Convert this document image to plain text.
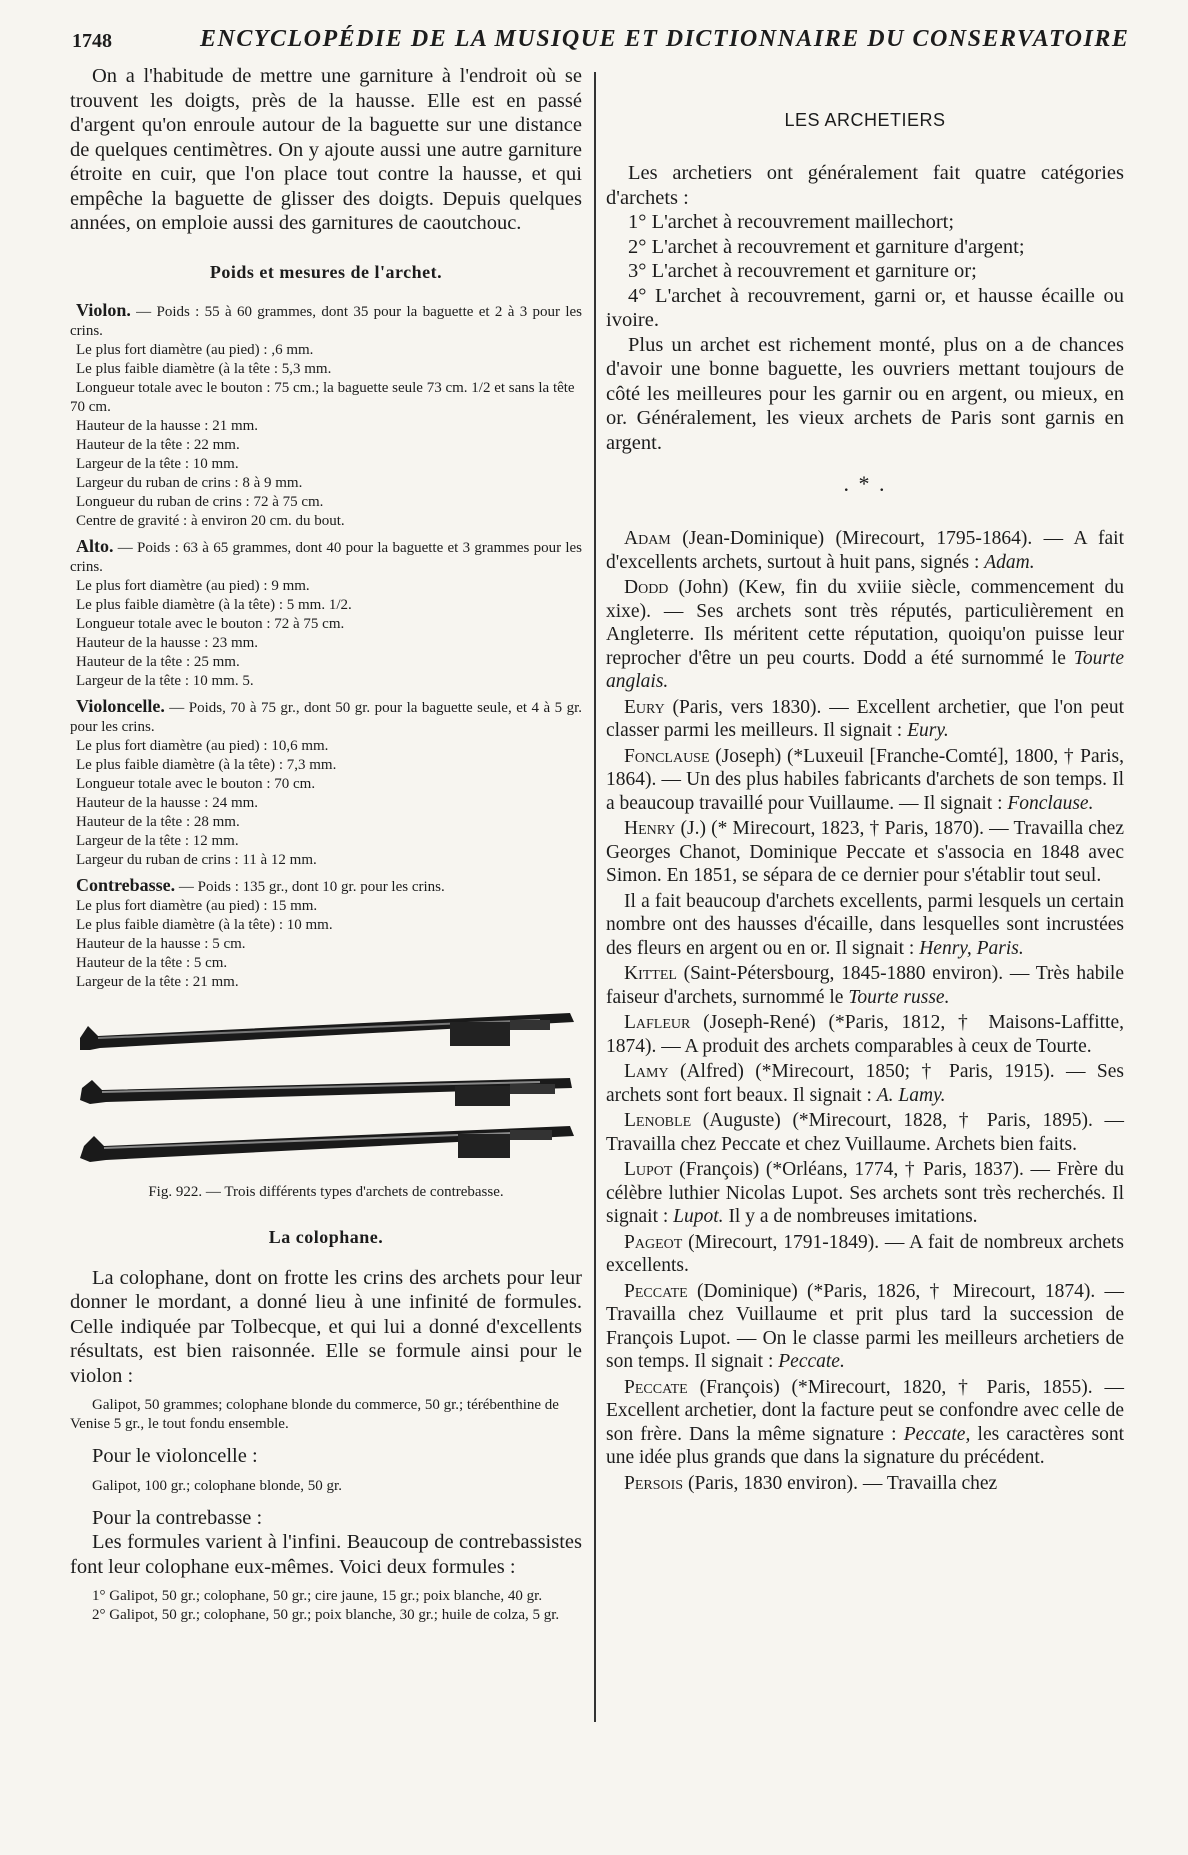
1748	ENCYCLOPÉDIE DE LA MUSIQUE ET DICTIONNAIRE DU CONSERVATOIRE

On a l'habitude de mettre une garniture à l'endroit où se trouvent les doigts, près de la hausse. Elle est en passé d'argent qu'on enroule autour de la baguette sur une distance de quelques centimètres. On y ajoute aussi une autre garniture étroite en cuir, que l'on place tout contre la hausse, et qui empêche la baguette de glisser des doigts. Depuis quelques années, on emploie aussi des garnitures de caoutchouc.

Poids et mesures de l'archet.
Violon. — Poids : 55 à 60 grammes, dont 35 pour la baguette et 2 à 3 pour les crins.
Le plus fort diamètre (au pied) : ,6 mm.
Le plus faible diamètre (à la tête : 5,3 mm.
Longueur totale avec le bouton : 75 cm.; la baguette seule 73 cm. 1/2 et sans la tête 70 cm.
Hauteur de la hausse : 21 mm.
Hauteur de la tête : 22 mm.
Largeur de la tête : 10 mm.
Largeur du ruban de crins : 8 à 9 mm.
Longueur du ruban de crins : 72 à 75 cm.
Centre de gravité : à environ 20 cm. du bout.
Alto. — Poids : 63 à 65 grammes, dont 40 pour la baguette et 3 grammes pour les crins.
Le plus fort diamètre (au pied) : 9 mm.
Le plus faible diamètre (à la tête) : 5 mm. 1/2.
Longueur totale avec le bouton : 72 à 75 cm.
Hauteur de la hausse : 23 mm.
Hauteur de la tête : 25 mm.
Largeur de la tête : 10 mm. 5.
Violoncelle. — Poids, 70 à 75 gr., dont 50 gr. pour la baguette seule, et 4 à 5 gr. pour les crins.
Le plus fort diamètre (au pied) : 10,6 mm.
Le plus faible diamètre (à la tête) : 7,3 mm.
Longueur totale avec le bouton : 70 cm.
Hauteur de la hausse : 24 mm.
Hauteur de la tête : 28 mm.
Largeur de la tête : 12 mm.
Largeur du ruban de crins : 11 à 12 mm.
Contrebasse. — Poids : 135 gr., dont 10 gr. pour les crins.
Le plus fort diamètre (au pied) : 15 mm.
Le plus faible diamètre (à la tête) : 10 mm.
Hauteur de la hausse : 5 cm.
Hauteur de la tête : 5 cm.
Largeur de la tête : 21 mm.
Fig. 922. — Trois différents types d'archets de contrebasse.
La colophane.

La colophane, dont on frotte les crins des archets pour leur donner le mordant, a donné lieu à une infinité de formules. Celle indiquée par Tolbecque, et qui lui a donné d'excellents résultats, est bien raisonnée. Elle se formule ainsi pour le violon :

Galipot, 50 grammes; colophane blonde du commerce, 50 gr.; térébenthine de Venise 5 gr., le tout fondu ensemble.

Pour le violoncelle :

Galipot, 100 gr.; colophane blonde, 50 gr.

Pour la contrebasse :

Les formules varient à l'infini. Beaucoup de contrebassistes font leur colophane eux-mêmes. Voici deux formules :

1° Galipot, 50 gr.; colophane, 50 gr.; cire jaune, 15 gr.; poix blanche, 40 gr.
2° Galipot, 50 gr.; colophane, 50 gr.; poix blanche, 30 gr.; huile de colza, 5 gr.
LES ARCHETIERS

Les archetiers ont généralement fait quatre catégories d'archets :

1° L'archet à recouvrement maillechort;

2° L'archet à recouvrement et garniture d'argent;

3° L'archet à recouvrement et garniture or;

4° L'archet à recouvrement, garni or, et hausse écaille ou ivoire.

Plus un archet est richement monté, plus on a de chances d'avoir une bonne baguette, les ouvriers mettant toujours de côté les meilleures pour les garnir ou en argent, ou mieux, en or. Généralement, les vieux archets de Paris sont garnis en argent.

. * .

Adam (Jean-Dominique) (Mirecourt, 1795-1864). — A fait d'excellents archets, surtout à huit pans, signés : Adam.

Dodd (John) (Kew, fin du xviiie siècle, commencement du xixe). — Ses archets sont très réputés, particulièrement en Angleterre. Ils méritent cette réputation, quoiqu'on puisse leur reprocher d'être un peu courts. Dodd a été surnommé le Tourte anglais.

Eury (Paris, vers 1830). — Excellent archetier, que l'on peut classer parmi les meilleurs. Il signait : Eury.

Fonclause (Joseph) (*Luxeuil [Franche-Comté], 1800, † Paris, 1864). — Un des plus habiles fabricants d'archets de son temps. Il a beaucoup travaillé pour Vuillaume. — Il signait : Fonclause.

Henry (J.) (* Mirecourt, 1823, † Paris, 1870). — Travailla chez Georges Chanot, Dominique Peccate et s'associa en 1848 avec Simon. En 1851, se sépara de ce dernier pour s'établir tout seul.

Il a fait beaucoup d'archets excellents, parmi lesquels un certain nombre ont des hausses d'écaille, dans lesquelles sont incrustées des fleurs en argent ou en or. Il signait : Henry, Paris.

Kittel (Saint-Pétersbourg, 1845-1880 environ). — Très habile faiseur d'archets, surnommé le Tourte russe.

Lafleur (Joseph-René) (*Paris, 1812, † Maisons-Laffitte, 1874). — A produit des archets comparables à ceux de Tourte.

Lamy (Alfred) (*Mirecourt, 1850; † Paris, 1915). — Ses archets sont fort beaux. Il signait : A. Lamy.

Lenoble (Auguste) (*Mirecourt, 1828, † Paris, 1895). — Travailla chez Peccate et chez Vuillaume. Archets bien faits.

Lupot (François) (*Orléans, 1774, † Paris, 1837). — Frère du célèbre luthier Nicolas Lupot. Ses archets sont très recherchés. Il signait : Lupot. Il y a de nombreuses imitations.

Pageot (Mirecourt, 1791-1849). — A fait de nombreux archets excellents.

Peccate (Dominique) (*Paris, 1826, † Mirecourt, 1874). — Travailla chez Vuillaume et prit plus tard la succession de François Lupot. — On le classe parmi les meilleurs archetiers de son temps. Il signait : Peccate.

Peccate (François) (*Mirecourt, 1820, † Paris, 1855). — Excellent archetier, dont la facture peut se confondre avec celle de son frère. Dans la même signature : Peccate, les caractères sont une idée plus grands que dans la signature du précédent.

Persois (Paris, 1830 environ). — Travailla chez
